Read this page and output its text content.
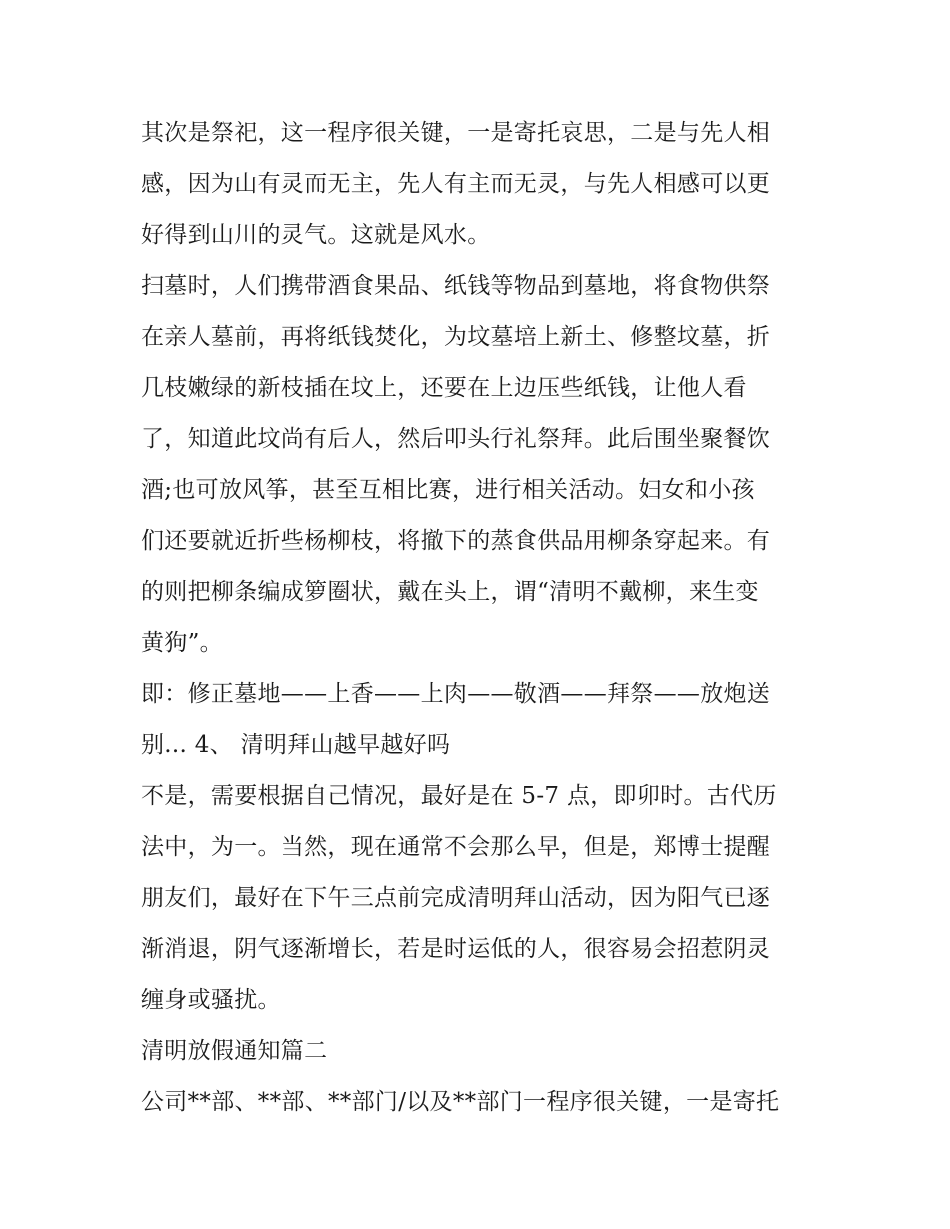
其次是祭祀，这一程序很关键，一是寄托哀思，二是与先人相
感，因为山有灵而无主，先人有主而无灵，与先人相感可以更
好得到山川的灵气。这就是风水。
扫墓时，人们携带酒食果品、纸钱等物品到墓地，将食物供祭
在亲人墓前，再将纸钱焚化，为坟墓培上新土、修整坟墓，折
几枝嫩绿的新枝插在坟上，还要在上边压些纸钱，让他人看
了，知道此坟尚有后人，然后叩头行礼祭拜。此后围坐聚餐饮
酒;也可放风筝，甚至互相比赛，进行相关活动。妇女和小孩
们还要就近折些杨柳枝，将撤下的蒸食供品用柳条穿起来。有
的则把柳条编成箩圈状，戴在头上，谓“清明不戴柳，来生变
黄狗”。
即：修正墓地——上香——上肉——敬酒——拜祭——放炮送
别... 4、 清明拜山越早越好吗
不是，需要根据自己情况，最好是在 5-7 点，即卯时。古代历
法中，为一。当然，现在通常不会那么早，但是，郑博士提醒
朋友们，最好在下午三点前完成清明拜山活动，因为阳气已逐
渐消退，阴气逐渐增长，若是时运低的人，很容易会招惹阴灵
缠身或骚扰。
清明放假通知篇二
公司**部、**部、**部门/以及**部门一程序很关键，一是寄托
